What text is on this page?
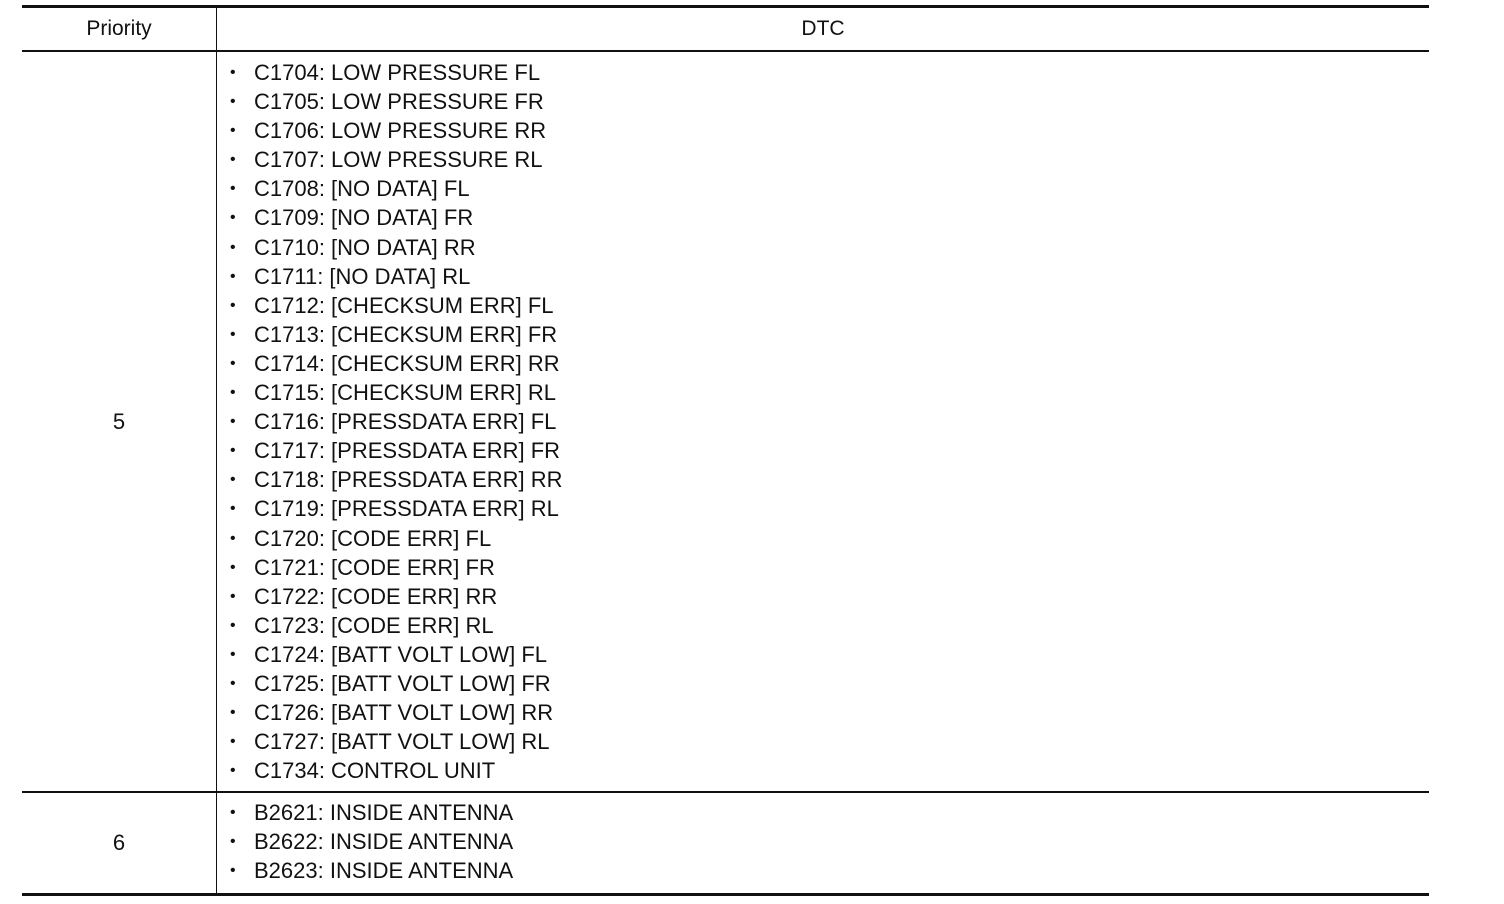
Priority	DTC
5
• C1704: LOW PRESSURE FL
• C1705: LOW PRESSURE FR
• C1706: LOW PRESSURE RR
• C1707: LOW PRESSURE RL
• C1708: [NO DATA] FL
• C1709: [NO DATA] FR
• C1710: [NO DATA] RR
• C1711: [NO DATA] RL
• C1712: [CHECKSUM ERR] FL
• C1713: [CHECKSUM ERR] FR
• C1714: [CHECKSUM ERR] RR
• C1715: [CHECKSUM ERR] RL
• C1716: [PRESSDATA ERR] FL
• C1717: [PRESSDATA ERR] FR
• C1718: [PRESSDATA ERR] RR
• C1719: [PRESSDATA ERR] RL
• C1720: [CODE ERR] FL
• C1721: [CODE ERR] FR
• C1722: [CODE ERR] RR
• C1723: [CODE ERR] RL
• C1724: [BATT VOLT LOW] FL
• C1725: [BATT VOLT LOW] FR
• C1726: [BATT VOLT LOW] RR
• C1727: [BATT VOLT LOW] RL
• C1734: CONTROL UNIT
6
• B2621: INSIDE ANTENNA
• B2622: INSIDE ANTENNA
• B2623: INSIDE ANTENNA
